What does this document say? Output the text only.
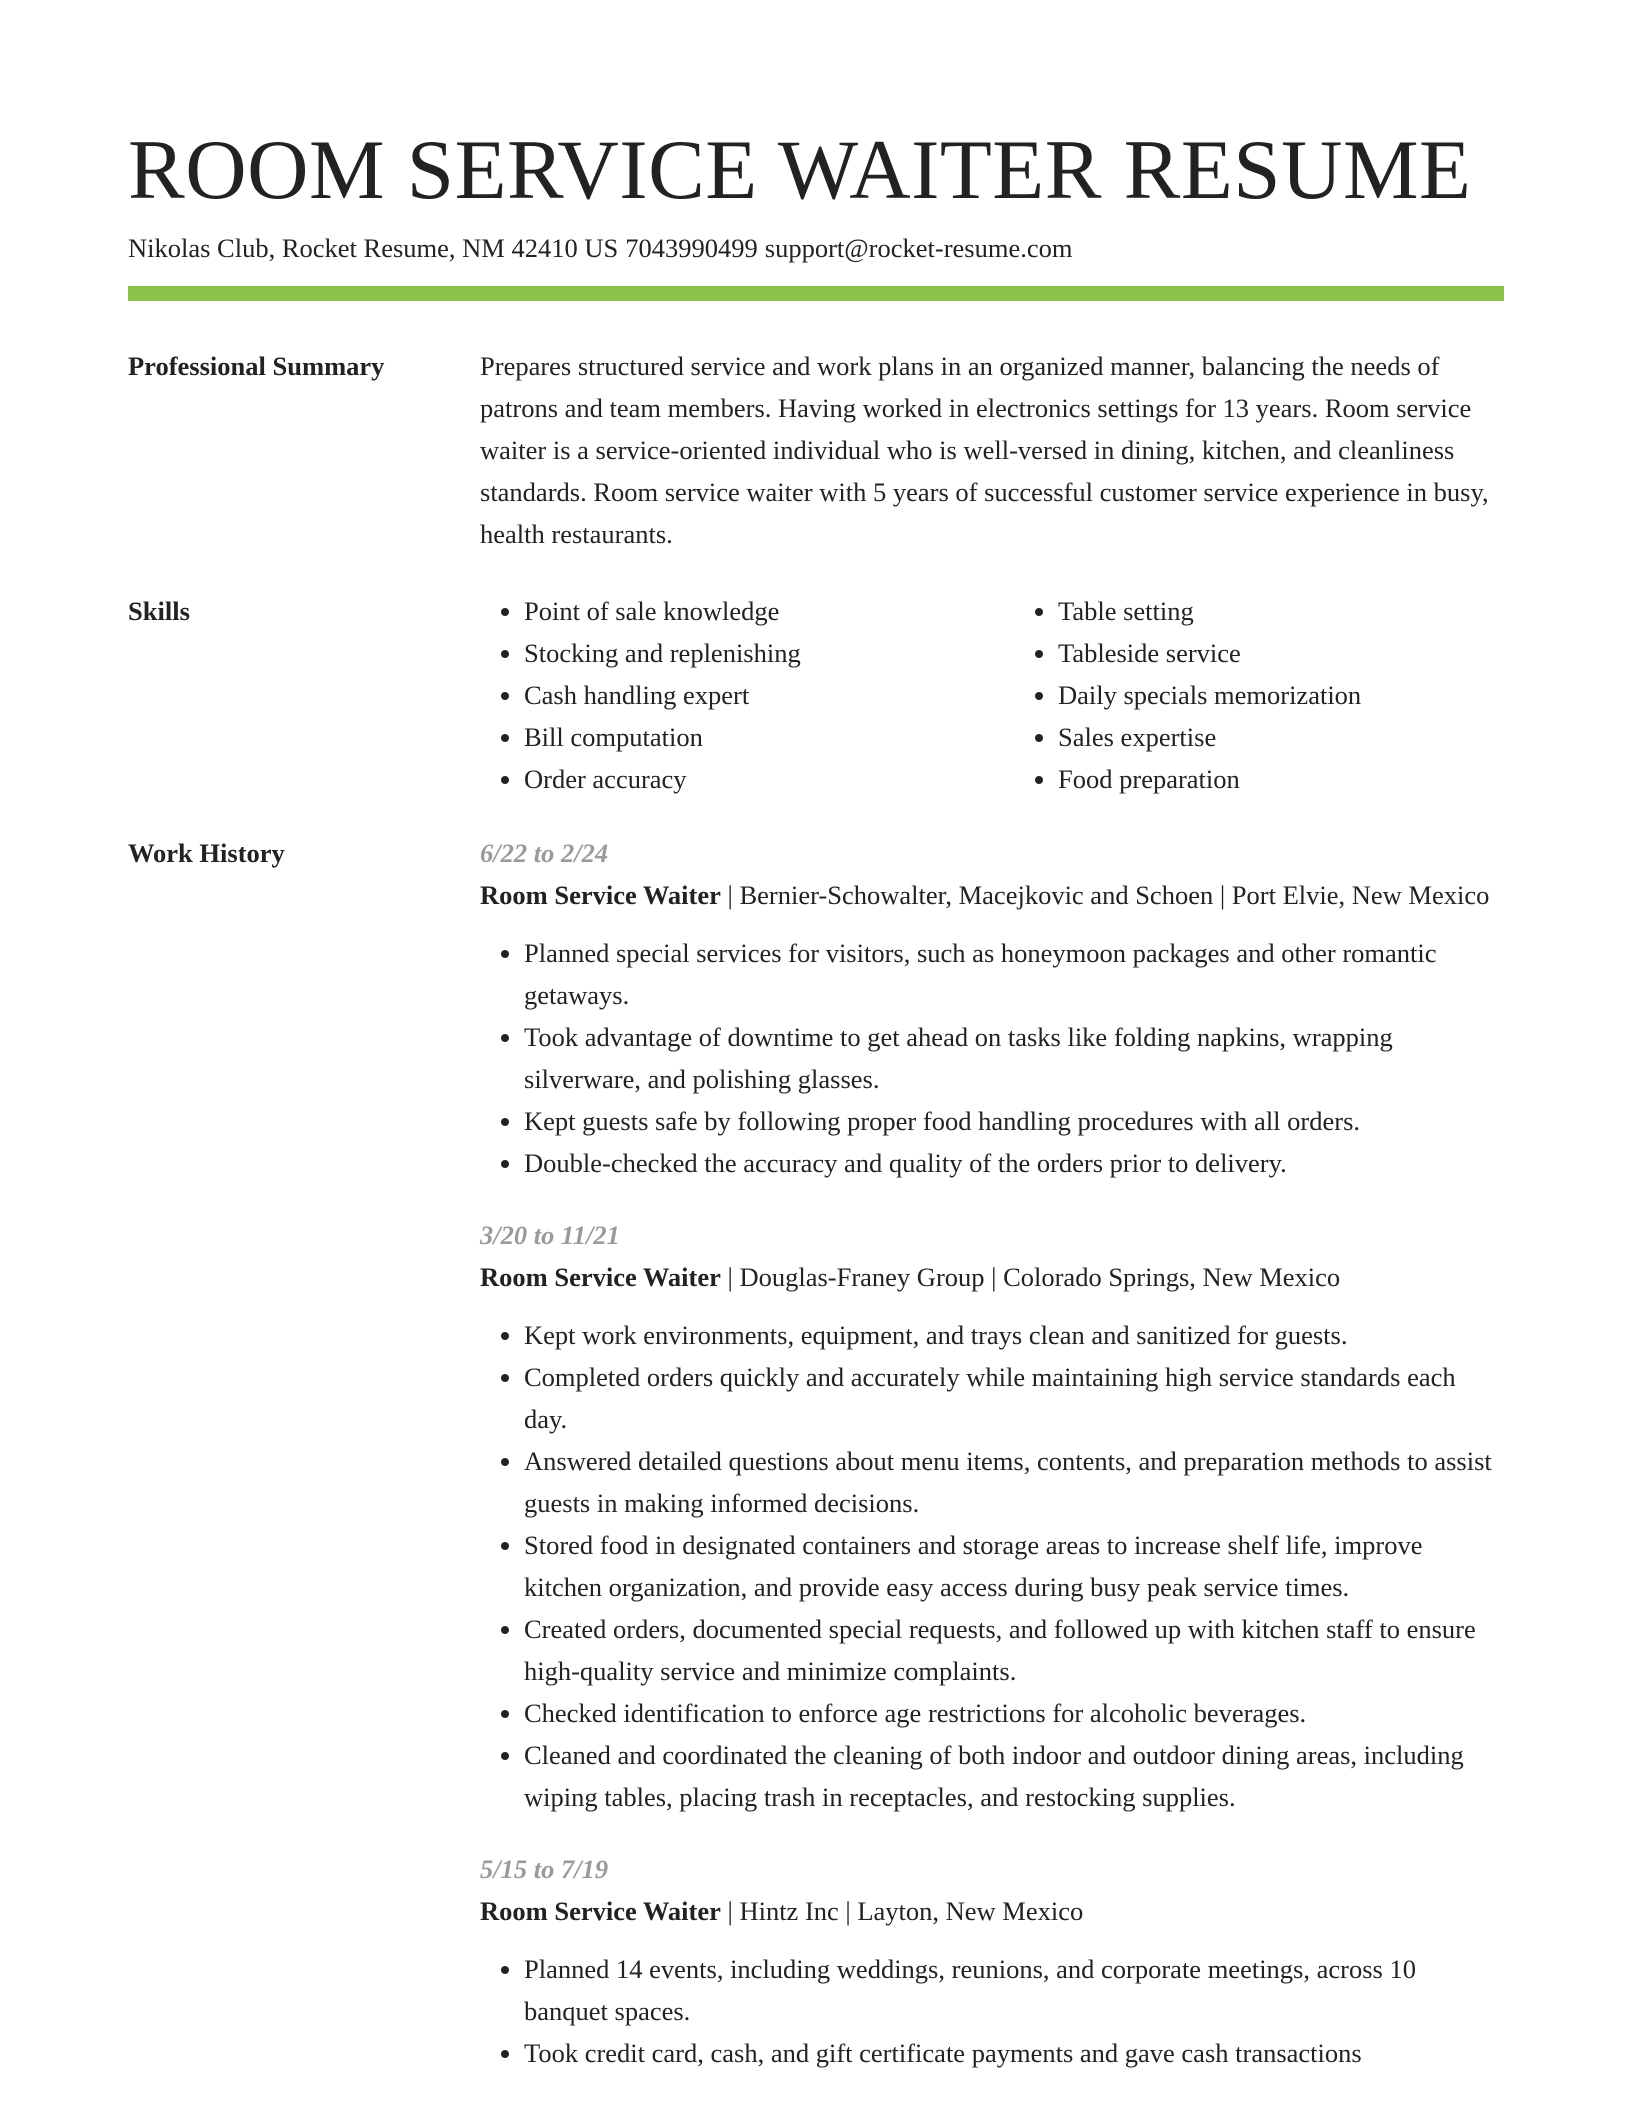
ROOM SERVICE WAITER RESUME
Nikolas Club, Rocket Resume, NM 42410 US 7043990499 support@rocket-resume.com
Professional Summary	Prepares structured service and work plans in an organized manner, balancing the needs of patrons and team members. Having worked in electronics settings for 13 years. Room service waiter is a service-oriented individual who is well-versed in dining, kitchen, and cleanliness standards. Room service waiter with 5 years of successful customer service experience in busy, health restaurants.

Skills
•	Point of sale knowledge
• Stocking and replenishing
• Cash handling expert
• Bill computation
• Order accuracy
• Table setting
• Tableside service
• Daily specials memorization
• Sales expertise
• Food preparation
Work History	6/22 to 2/24
Room Service Waiter | Bernier-Schowalter, Macejkovic and Schoen | Port Elvie, New Mexico
• Planned special services for visitors, such as honeymoon packages and other romantic getaways.
• Took advantage of downtime to get ahead on tasks like folding napkins, wrapping silverware, and polishing glasses.
• Kept guests safe by following proper food handling procedures with all orders.
• Double-checked the accuracy and quality of the orders prior to delivery.
3/20 to 11/21
Room Service Waiter | Douglas-Franey Group | Colorado Springs, New Mexico
• Kept work environments, equipment, and trays clean and sanitized for guests.
• Completed orders quickly and accurately while maintaining high service standards each day.
• Answered detailed questions about menu items, contents, and preparation methods to assist guests in making informed decisions.
• Stored food in designated containers and storage areas to increase shelf life, improve kitchen organization, and provide easy access during busy peak service times.
• Created orders, documented special requests, and followed up with kitchen staff to ensure high-quality service and minimize complaints.
• Checked identification to enforce age restrictions for alcoholic beverages.
• Cleaned and coordinated the cleaning of both indoor and outdoor dining areas, including wiping tables, placing trash in receptacles, and restocking supplies.
5/15 to 7/19
Room Service Waiter | Hintz Inc | Layton, New Mexico
• Planned 14 events, including weddings, reunions, and corporate meetings, across 10 banquet spaces.
• Took credit card, cash, and gift certificate payments and gave cash transactions
